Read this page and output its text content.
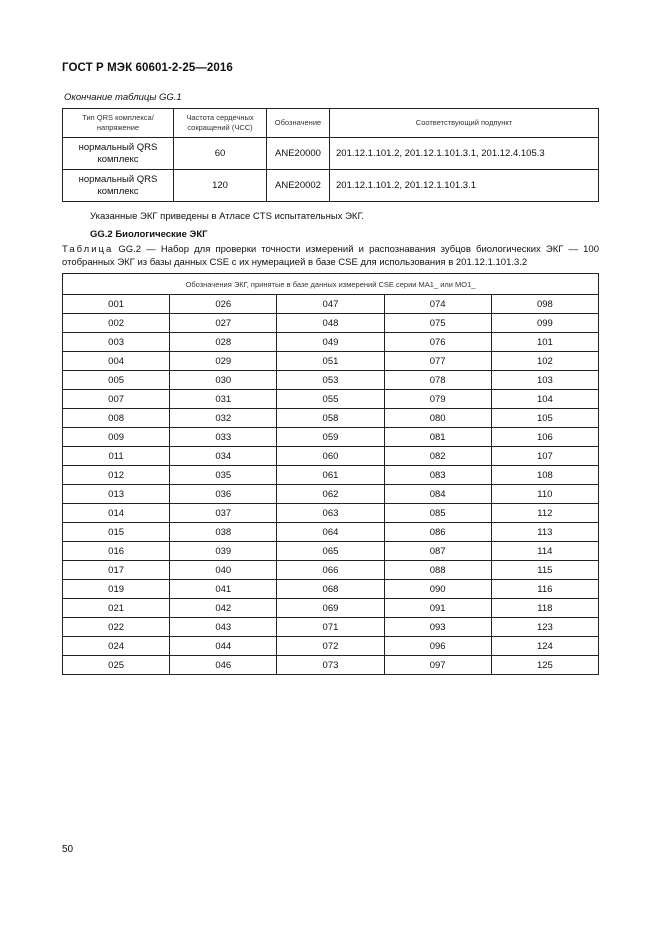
ГОСТ Р МЭК 60601-2-25—2016
Окончание таблицы GG.1
Тип QRS комплекса/ напряжение	Частота сердечных сокращений (ЧСС)	Обозначение	Соответствующий подпункт
нормальный QRS комплекс	60	ANE20000	201.12.1.101.2, 201.12.1.101.3.1, 201.12.4.105.3
нормальный QRS комплекс	120	ANE20002	201.12.1.101.2, 201.12.1.101.3.1
Указанные ЭКГ приведены в Атласе CTS испытательных ЭКГ.
GG.2 Биологические ЭКГ
Таблица GG.2 — Набор для проверки точности измерений и распознавания зубцов биологических ЭКГ — 100 отобранных ЭКГ из базы данных CSE с их нумерацией в базе CSE для использования в 201.12.1.101.3.2
Обозначения ЭКГ, принятые в базе данных измерений CSE серии MA1_ или MO1_				
001	026	047	074	098
002	027	048	075	099
003	028	049	076	101
004	029	051	077	102
005	030	053	078	103
007	031	055	079	104
008	032	058	080	105
009	033	059	081	106
011	034	060	082	107
012	035	061	083	108
013	036	062	084	110
014	037	063	085	112
015	038	064	086	113
016	039	065	087	114
017	040	066	088	115
019	041	068	090	116
021	042	069	091	118
022	043	071	093	123
024	044	072	096	124
025	046	073	097	125
50
